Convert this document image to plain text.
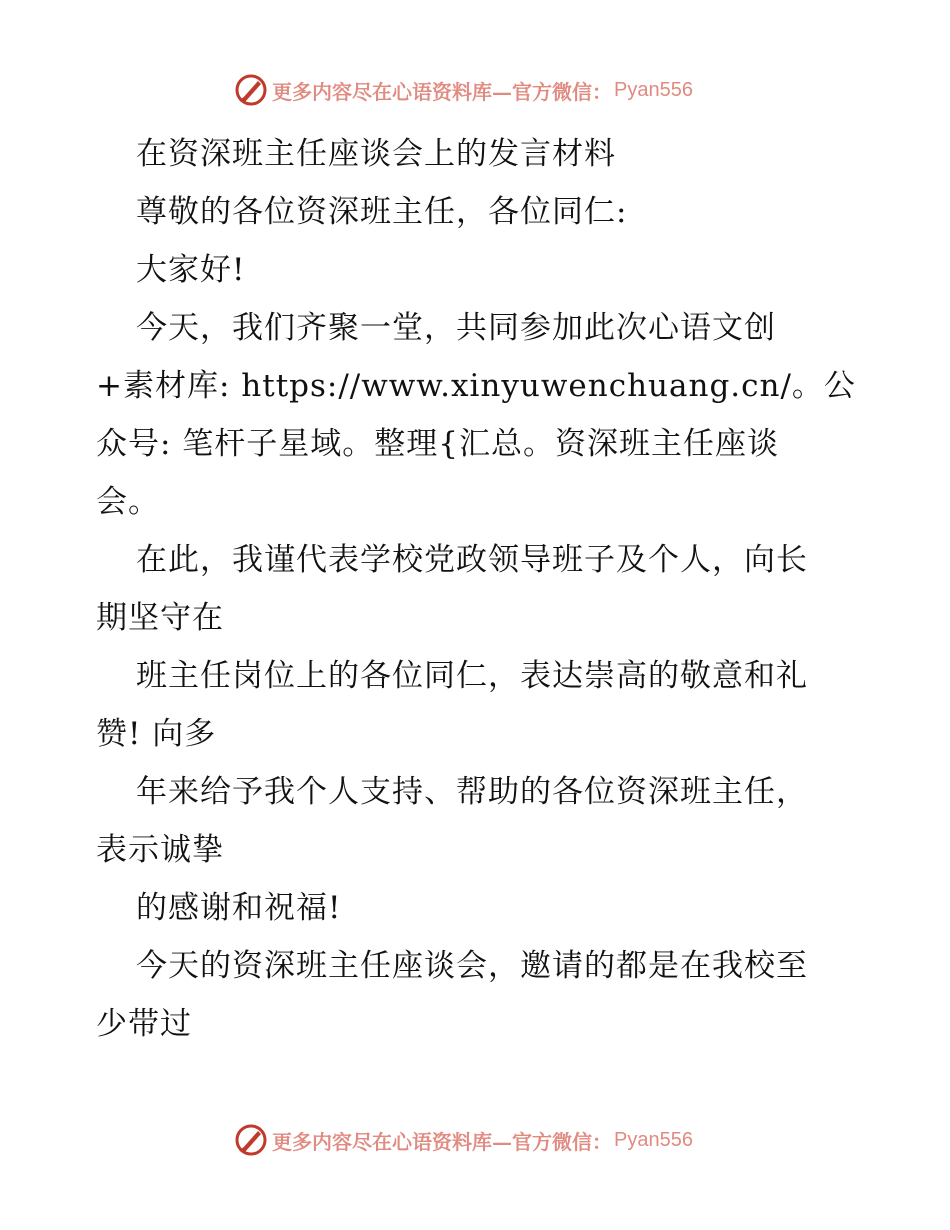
更多内容尽在心语资料库—官方微信： Pyan556

在资深班主任座谈会上的发言材料

尊敬的各位资深班主任，各位同仁:

大家好!

今天，我们齐聚一堂，共同参加此次心语文创

+素材库: https://www.xinyuwenchuang.cn/。公

众号: 笔杆子星域。整理{汇总。资深班主任座谈

会。

在此，我谨代表学校党政领导班子及个人，向长

期坚守在

班主任岗位上的各位同仁，表达崇高的敬意和礼

赞! 向多

年来给予我个人支持、帮助的各位资深班主任，

表示诚挚

的感谢和祝福!

今天的资深班主任座谈会，邀请的都是在我校至

少带过

更多内容尽在心语资料库—官方微信： Pyan556
